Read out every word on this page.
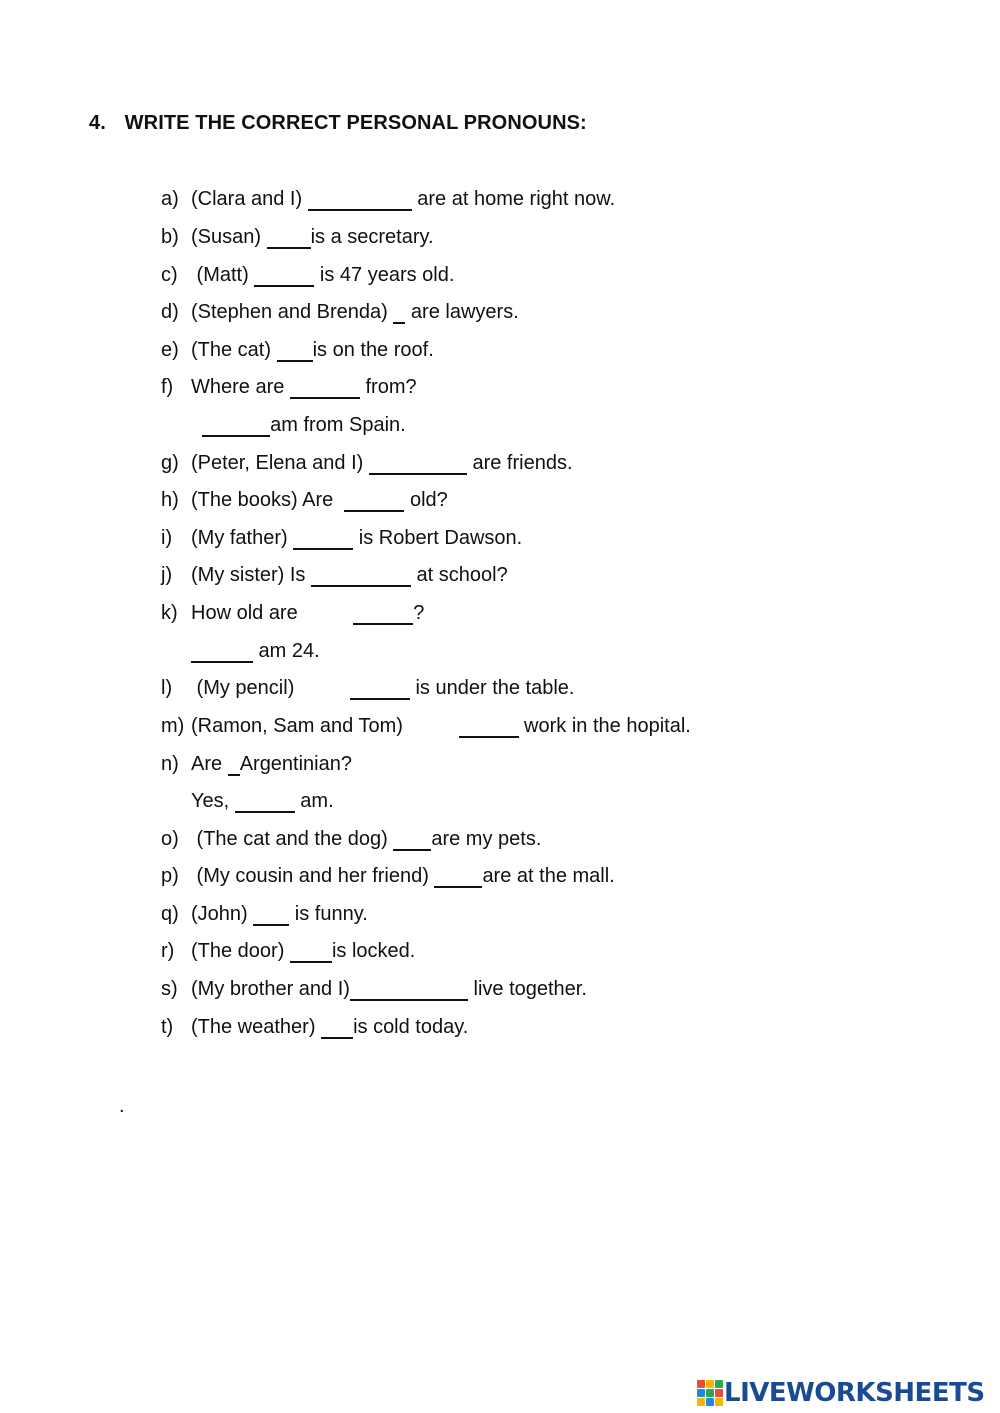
4. WRITE THE CORRECT PERSONAL PRONOUNS:
a) (Clara and I)	are at home right now.
b) (Susan) is a secretary.
c) (Matt)	is 47 years old.
d) (Stephen and Brenda)  are lawyers.
e) (The cat) is on the roof.
f) Where are	from?
am from Spain.
g) (Peter, Elena and I)	are friends.
h) (The books) Are	old?
i) (My father)	is Robert Dawson.
j) (My sister) Is	at school?
k) How old are	?
am 24.
l) (My pencil)	is under the table.
m) (Ramon, Sam and Tom)	work in the hopital.
n) Are Argentinian?
Yes,	am.
o) (The cat and the dog) are my pets.
p) (My cousin and her friend) are at the mall.
q) (John)  is funny.
r) (The door) is locked.
s) (My brother and I)	live together.
t) (The weather) is cold today.
.
LIVEWORKSHEETS
